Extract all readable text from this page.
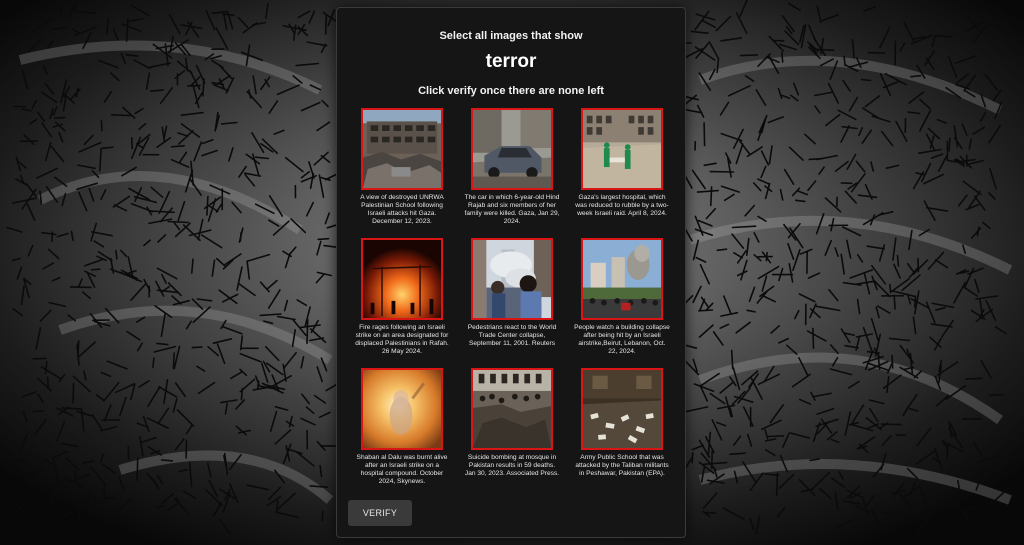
Select all images that show
terror
Click verify once there are none left
A view of destroyed UNRWA Palestinian School following Israeli attacks hit Gaza. December 12, 2023.
The car in which 6-year-old Hind Rajab and six members of her family were killed. Gaza, Jan 29, 2024.
Gaza's largest hospital, which was reduced to rubble by a two-week Israeli raid. April 8, 2024.
Fire rages following an Israeli strike on an area designated for displaced Palestinians in Rafah. 26 May 2024.
Pedestrians react to the World Trade Center collapse, September 11, 2001. Reuters
People watch a building collapse after being hit by an Israeli airstrike,Beirut, Lebanon, Oct. 22, 2024.
Shaban al Dalu was burnt alive after an Israeli strike on a hospital compound. October 2024, Skynews.
Suicide bombing at mosque in Pakistan results in 59 deaths. Jan 30, 2023. Associated Press.
Army Public School that was attacked by the Taliban militants in Peshawar, Pakistan (EPA).
VERIFY
